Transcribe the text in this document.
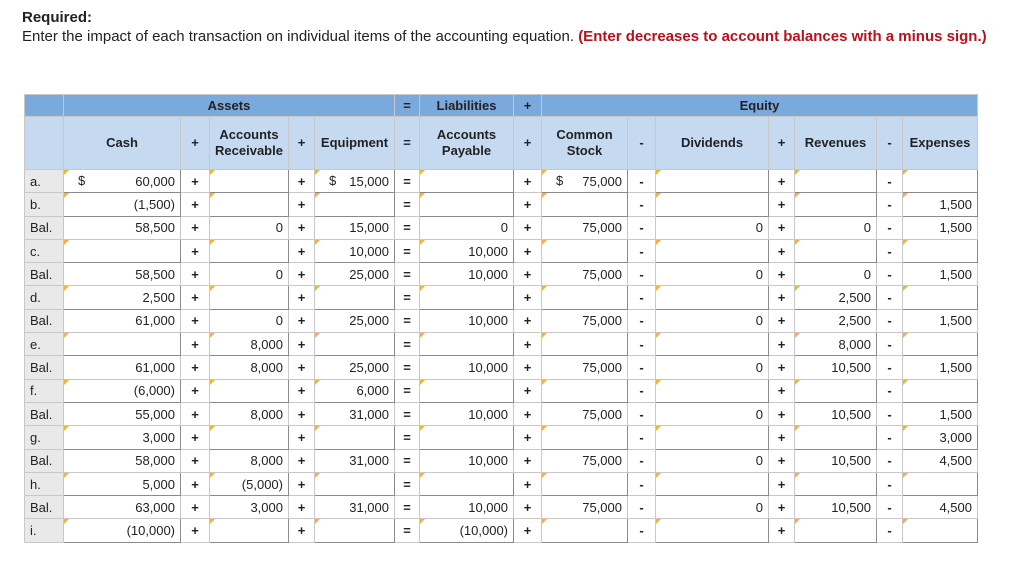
Required:
Enter the impact of each transaction on individual items of the accounting equation. (Enter decreases to account balances with a minus sign.)
	Assets					=	Liabilities	+	Equity						
	Cash	+	Accounts Receivable	+	Equipment	=	Accounts Payable	+	Common Stock	-	Dividends	+	Revenues	-	Expenses
a.	$ 60,000	+		+	$ 15,000	=		+	$ 75,000	-		+		-	
b.	(1,500)	+		+		=		+		-		+		-	1,500
Bal.	58,500	+	0	+	15,000	=	0	+	75,000	-	0	+	0	-	1,500
c.		+		+	10,000	=	10,000	+		-		+		-	
Bal.	58,500	+	0	+	25,000	=	10,000	+	75,000	-	0	+	0	-	1,500
d.	2,500	+		+		=		+		-		+	2,500	-	
Bal.	61,000	+	0	+	25,000	=	10,000	+	75,000	-	0	+	2,500	-	1,500
e.		+	8,000	+		=		+		-		+	8,000	-	
Bal.	61,000	+	8,000	+	25,000	=	10,000	+	75,000	-	0	+	10,500	-	1,500
f.	(6,000)	+		+	6,000	=		+		-		+		-	
Bal.	55,000	+	8,000	+	31,000	=	10,000	+	75,000	-	0	+	10,500	-	1,500
g.	3,000	+		+		=		+		-		+		-	3,000
Bal.	58,000	+	8,000	+	31,000	=	10,000	+	75,000	-	0	+	10,500	-	4,500
h.	5,000	+	(5,000)	+		=		+		-		+		-	
Bal.	63,000	+	3,000	+	31,000	=	10,000	+	75,000	-	0	+	10,500	-	4,500
i.	(10,000)	+		+		=	(10,000)	+		-		+		-	
